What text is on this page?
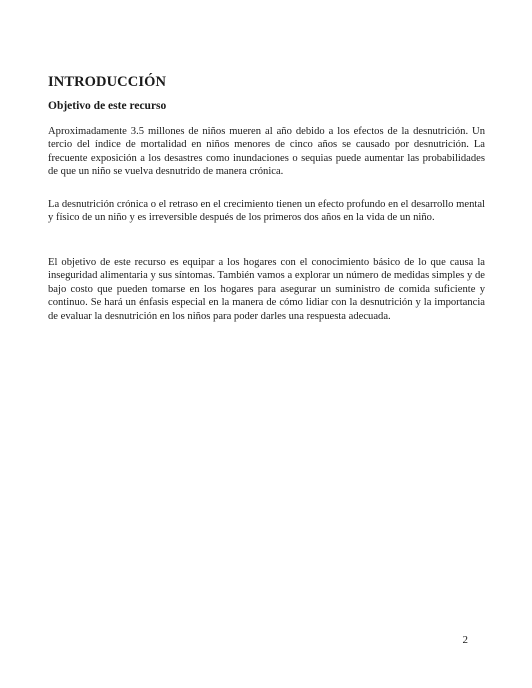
INTRODUCCIÓN
Objetivo de este recurso

Aproximadamente 3.5 millones de niños mueren al año debido a los efectos de la desnutrición. Un tercio del índice de mortalidad en niños menores de cinco años se causado por desnutrición. La frecuente exposición a los desastres como inundaciones o sequias puede aumentar las probabilidades de que un niño se vuelva desnutrido de manera crónica.

La desnutrición crónica o el retraso en el crecimiento tienen un efecto profundo en el desarrollo mental y físico de un niño y es irreversible después de los primeros dos años en la vida de un niño.

El objetivo de este recurso es equipar a los hogares con el conocimiento básico de lo que causa la inseguridad alimentaria y sus síntomas. También vamos a explorar un número de medidas simples y de bajo costo que pueden tomarse en los hogares para asegurar un suministro de comida suficiente y continuo. Se hará un énfasis especial en la manera de cómo lidiar con la desnutrición y la importancia de evaluar la desnutrición en los niños para poder darles una respuesta adecuada.

2
